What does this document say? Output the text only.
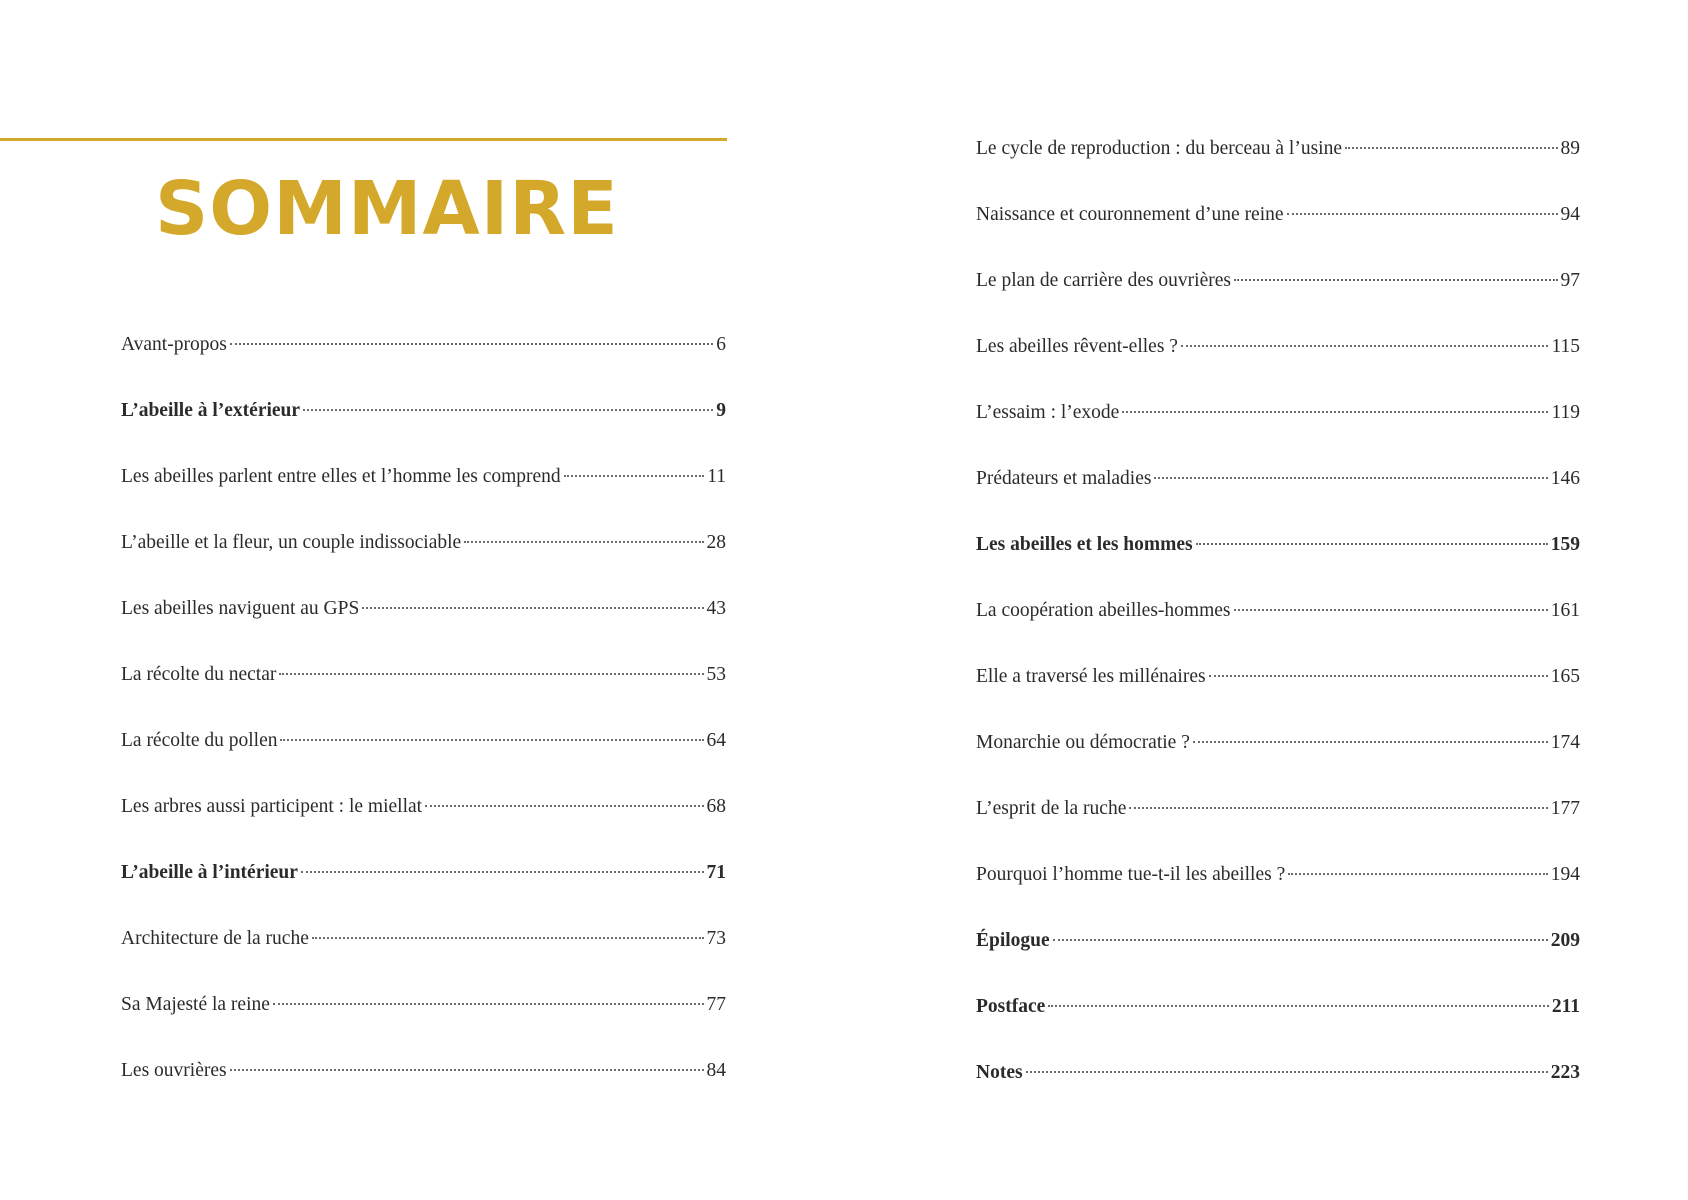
SOMMAIRE
Avant-propos	6
L’abeille à l’extérieur	9
Les abeilles parlent entre elles et l’homme les comprend	11
L’abeille et la fleur, un couple indissociable	28
Les abeilles naviguent au GPS	43
La récolte du nectar	53
La récolte du pollen	64
Les arbres aussi participent : le miellat	68
L’abeille à l’intérieur	71
Architecture de la ruche	73
Sa Majesté la reine	77
Les ouvrières	84
Le cycle de reproduction : du berceau à l’usine	89
Naissance et couronnement d’une reine	94
Le plan de carrière des ouvrières	97
Les abeilles rêvent-elles ?	115
L’essaim : l’exode	119
Prédateurs et maladies	146
Les abeilles et les hommes	159
La coopération abeilles-hommes	161
Elle a traversé les millénaires	165
Monarchie ou démocratie ?	174
L’esprit de la ruche	177
Pourquoi l’homme tue-t-il les abeilles ?	194
Épilogue	209
Postface	211
Notes	223
